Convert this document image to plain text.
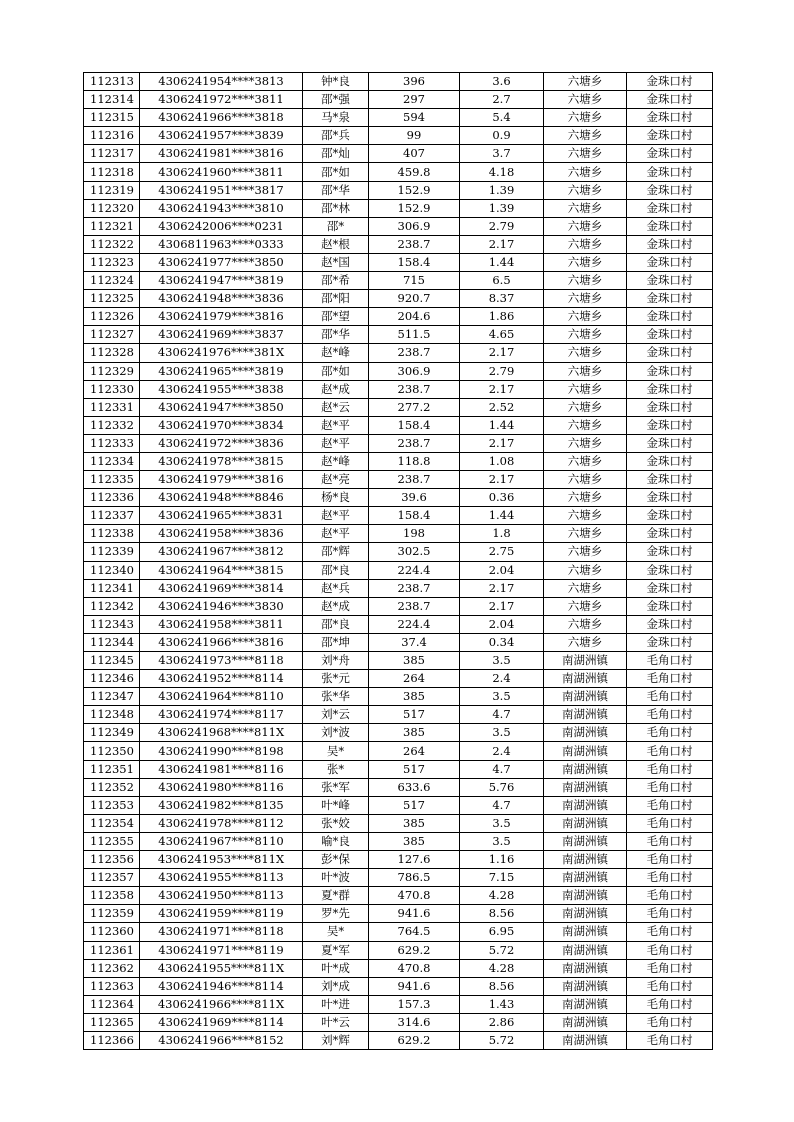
112313	4306241954****3813	钟*良	396	3.6	六塘乡	金珠口村
112314	4306241972****3811	邵*强	297	2.7	六塘乡	金珠口村
112315	4306241966****3818	马*泉	594	5.4	六塘乡	金珠口村
112316	4306241957****3839	邵*兵	99	0.9	六塘乡	金珠口村
112317	4306241981****3816	邵*灿	407	3.7	六塘乡	金珠口村
112318	4306241960****3811	邵*如	459.8	4.18	六塘乡	金珠口村
112319	4306241951****3817	邵*华	152.9	1.39	六塘乡	金珠口村
112320	4306241943****3810	邵*林	152.9	1.39	六塘乡	金珠口村
112321	4306242006****0231	邵*	306.9	2.79	六塘乡	金珠口村
112322	4306811963****0333	赵*根	238.7	2.17	六塘乡	金珠口村
112323	4306241977****3850	赵*国	158.4	1.44	六塘乡	金珠口村
112324	4306241947****3819	邵*希	715	6.5	六塘乡	金珠口村
112325	4306241948****3836	邵*阳	920.7	8.37	六塘乡	金珠口村
112326	4306241979****3816	邵*望	204.6	1.86	六塘乡	金珠口村
112327	4306241969****3837	邵*华	511.5	4.65	六塘乡	金珠口村
112328	4306241976****381X	赵*峰	238.7	2.17	六塘乡	金珠口村
112329	4306241965****3819	邵*如	306.9	2.79	六塘乡	金珠口村
112330	4306241955****3838	赵*成	238.7	2.17	六塘乡	金珠口村
112331	4306241947****3850	赵*云	277.2	2.52	六塘乡	金珠口村
112332	4306241970****3834	赵*平	158.4	1.44	六塘乡	金珠口村
112333	4306241972****3836	赵*平	238.7	2.17	六塘乡	金珠口村
112334	4306241978****3815	赵*峰	118.8	1.08	六塘乡	金珠口村
112335	4306241979****3816	赵*亮	238.7	2.17	六塘乡	金珠口村
112336	4306241948****8846	杨*良	39.6	0.36	六塘乡	金珠口村
112337	4306241965****3831	赵*平	158.4	1.44	六塘乡	金珠口村
112338	4306241958****3836	赵*平	198	1.8	六塘乡	金珠口村
112339	4306241967****3812	邵*辉	302.5	2.75	六塘乡	金珠口村
112340	4306241964****3815	邵*良	224.4	2.04	六塘乡	金珠口村
112341	4306241969****3814	赵*兵	238.7	2.17	六塘乡	金珠口村
112342	4306241946****3830	赵*成	238.7	2.17	六塘乡	金珠口村
112343	4306241958****3811	邵*良	224.4	2.04	六塘乡	金珠口村
112344	4306241966****3816	邵*坤	37.4	0.34	六塘乡	金珠口村
112345	4306241973****8118	刘*舟	385	3.5	南湖洲镇	毛角口村
112346	4306241952****8114	张*元	264	2.4	南湖洲镇	毛角口村
112347	4306241964****8110	张*华	385	3.5	南湖洲镇	毛角口村
112348	4306241974****8117	刘*云	517	4.7	南湖洲镇	毛角口村
112349	4306241968****811X	刘*波	385	3.5	南湖洲镇	毛角口村
112350	4306241990****8198	吴*	264	2.4	南湖洲镇	毛角口村
112351	4306241981****8116	张*	517	4.7	南湖洲镇	毛角口村
112352	4306241980****8116	张*军	633.6	5.76	南湖洲镇	毛角口村
112353	4306241982****8135	叶*峰	517	4.7	南湖洲镇	毛角口村
112354	4306241978****8112	张*姣	385	3.5	南湖洲镇	毛角口村
112355	4306241967****8110	喻*良	385	3.5	南湖洲镇	毛角口村
112356	4306241953****811X	彭*保	127.6	1.16	南湖洲镇	毛角口村
112357	4306241955****8113	叶*波	786.5	7.15	南湖洲镇	毛角口村
112358	4306241950****8113	夏*群	470.8	4.28	南湖洲镇	毛角口村
112359	4306241959****8119	罗*先	941.6	8.56	南湖洲镇	毛角口村
112360	4306241971****8118	吴*	764.5	6.95	南湖洲镇	毛角口村
112361	4306241971****8119	夏*军	629.2	5.72	南湖洲镇	毛角口村
112362	4306241955****811X	叶*成	470.8	4.28	南湖洲镇	毛角口村
112363	4306241946****8114	刘*成	941.6	8.56	南湖洲镇	毛角口村
112364	4306241966****811X	叶*进	157.3	1.43	南湖洲镇	毛角口村
112365	4306241969****8114	叶*云	314.6	2.86	南湖洲镇	毛角口村
112366	4306241966****8152	刘*辉	629.2	5.72	南湖洲镇	毛角口村
